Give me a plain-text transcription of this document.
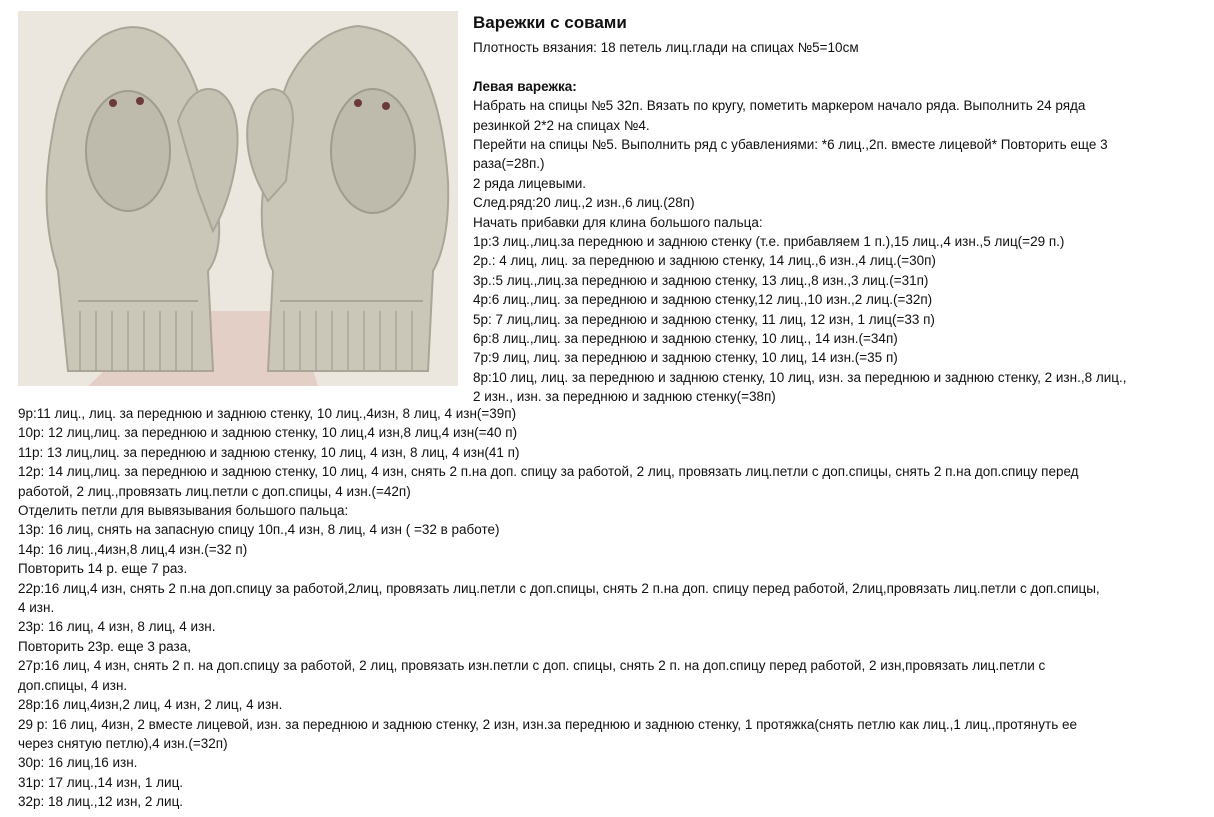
Варежки с совами
Плотность вязания: 18 петель лиц.глади на спицах №5=10см
Левая варежка:
Набрать на спицы №5 32п. Вязать по кругу, пометить маркером начало ряда. Выполнить 24 ряда
резинкой 2*2 на спицах №4.
Перейти на спицы №5. Выполнить ряд с убавлениями: *6 лиц.,2п. вместе лицевой* Повторить еще 3
раза(=28п.)
2 ряда лицевыми.
След.ряд:20 лиц.,2 изн.,6 лиц.(28п)
Начать прибавки для клина большого пальца:
1р:3 лиц.,лиц.за переднюю и заднюю стенку (т.е. прибавляем 1 п.),15 лиц.,4 изн.,5 лиц(=29 п.)
2р.: 4 лиц, лиц. за переднюю и заднюю стенку, 14 лиц.,6 изн.,4 лиц.(=30п)
3р.:5 лиц.,лиц.за переднюю и заднюю стенку, 13 лиц.,8 изн.,3 лиц.(=31п)
4р:6 лиц.,лиц. за переднюю и заднюю стенку,12 лиц.,10 изн.,2 лиц.(=32п)
5р: 7 лиц,лиц. за переднюю и заднюю стенку, 11 лиц, 12 изн, 1 лиц(=33 п)
6р:8 лиц.,лиц. за переднюю и заднюю стенку, 10 лиц., 14 изн.(=34п)
7р:9 лиц, лиц. за переднюю и заднюю стенку, 10 лиц, 14 изн.(=35 п)
8р:10 лиц, лиц. за переднюю и заднюю стенку, 10 лиц, изн. за переднюю и заднюю стенку, 2 изн.,8 лиц.,
2 изн., изн. за переднюю и заднюю стенку(=38п)
9р:11 лиц., лиц. за переднюю и заднюю стенку, 10 лиц.,4изн, 8 лиц, 4 изн(=39п)
10р: 12 лиц,лиц. за переднюю и заднюю стенку, 10 лиц,4 изн,8 лиц,4 изн(=40 п)
11р: 13 лиц,лиц. за переднюю и заднюю стенку, 10 лиц, 4 изн, 8 лиц, 4 изн(41 п)
12р: 14 лиц,лиц. за переднюю и заднюю стенку, 10 лиц, 4 изн, снять 2 п.на доп. спицу за работой, 2 лиц, провязать лиц.петли с доп.спицы, снять 2 п.на доп.спицу перед
работой, 2 лиц.,провязать лиц.петли с доп.спицы, 4 изн.(=42п)
Отделить петли для вывязывания большого пальца:
13р: 16 лиц, снять на запасную спицу 10п.,4 изн, 8 лиц, 4 изн ( =32 в работе)
14р: 16 лиц.,4изн,8 лиц,4 изн.(=32 п)
Повторить 14 р. еще 7 раз.
22р:16 лиц,4 изн, снять 2 п.на доп.спицу за работой,2лиц, провязать лиц.петли с доп.спицы, снять 2 п.на доп. спицу перед работой, 2лиц,провязать лиц.петли с доп.спицы,
4 изн.
23р: 16 лиц, 4 изн, 8 лиц, 4 изн.
Повторить 23р. еще 3 раза,
27р:16 лиц, 4 изн, снять 2 п. на доп.спицу за работой, 2 лиц, провязать изн.петли с доп. спицы, снять 2 п. на доп.спицу перед работой, 2 изн,провязать лиц.петли с
доп.спицы, 4 изн.
28р:16 лиц,4изн,2 лиц, 4 изн, 2 лиц, 4 изн.
29 р: 16 лиц, 4изн, 2 вместе лицевой, изн. за переднюю и заднюю стенку, 2 изн, изн.за переднюю и заднюю стенку, 1 протяжка(снять петлю как лиц.,1 лиц.,протянуть ее
через снятую петлю),4 изн.(=32п)
30р: 16 лиц,16 изн.
31р: 17 лиц.,14 изн, 1 лиц.
32р: 18 лиц.,12 изн, 2 лиц.
